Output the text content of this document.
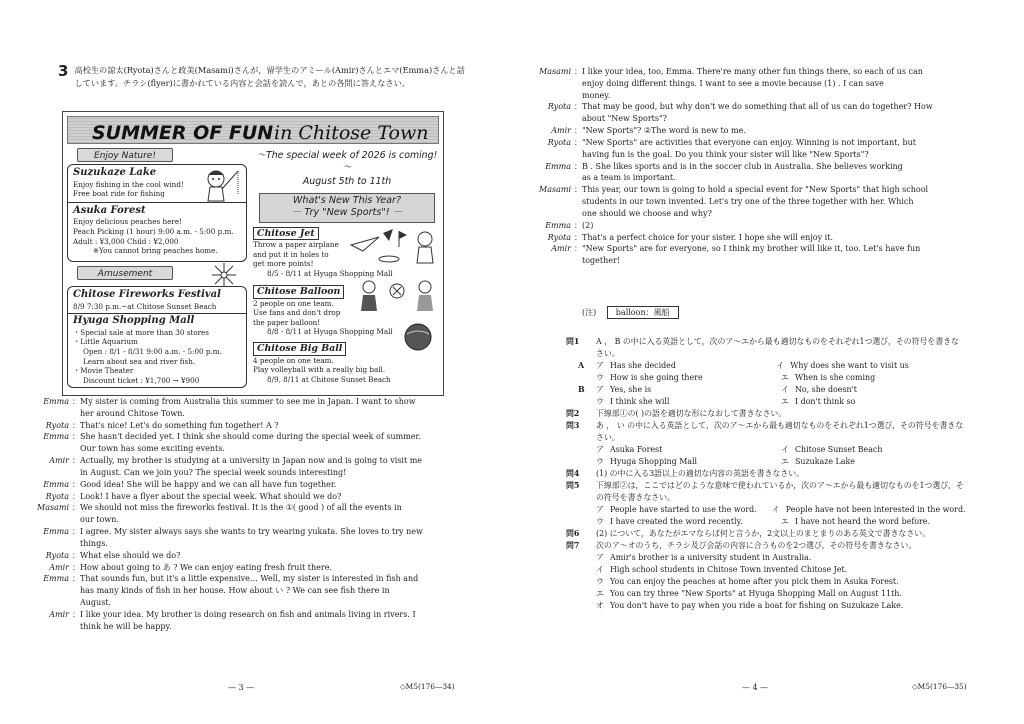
3 高校生の諒太(Ryota)さんと政美(Masami)さんが，留学生のアミール(Amir)さんとエマ(Emma)さんと話しています。チラシ(flyer)に書かれている内容と会話を読んで，あとの各問に答えなさい。
SUMMER OF FUN in Chitose Town
Enjoy Nature!
Suzukaze Lake
Enjoy fishing in the cool wind!
Free boat ride for fishing
Asuka Forest
Enjoy delicious peaches here!
Peach Picking (1 hour) 9:00 a.m. - 5:00 p.m.
Adult : ¥3,000 Child : ¥2,000
※You cannot bring peaches home.
Amusement
Chitose Fireworks Festival
8/9 7:30 p.m.~at Chitose Sunset Beach
Hyuga Shopping Mall
・Special sale at more than 30 stores
・Little Aquarium
Open : 8/1 - 8/31 9:00 a.m. - 5:00 p.m.
Learn about sea and river fish.
・Movie Theater
Discount ticket : ¥1,700 → ¥900
～The special week of 2026 is coming!～
August 5th to 11th
What's New This Year?
－ Try "New Sports"! －
Chitose Jet
Throw a paper airplane
and put it in holes to
get more points!
8/5 - 8/11 at Hyuga Shopping Mall
Chitose Balloon
2 people on one team.
Use fans and don't drop
the paper balloon!
8/8 - 8/11 at Hyuga Shopping Mall
Chitose Big Ball
4 people on one team.
Play volleyball with a really big ball.
8/9, 8/11 at Chitose Sunset Beach
Emma ： My sister is coming from Australia this summer to see me in Japan. I want to show
her around Chitose Town.
Ryota ： That's nice! Let's do something fun together! A ?
Emma ： She hasn't decided yet. I think she should come during the special week of summer.
Our town has some exciting events.
Amir ： Actually, my brother is studying at a university in Japan now and is going to visit me
in August. Can we join you? The special week sounds interesting!
Emma ： Good idea! She will be happy and we can all have fun together.
Ryota ： Look! I have a flyer about the special week. What should we do?
Masami ： We should not miss the fireworks festival. It is the ①( good ) of all the events in
our town.
Emma ： I agree. My sister always says she wants to try wearing yukata. She loves to try new
things.
Ryota ： What else should we do?
Amir ： How about going to あ ? We can enjoy eating fresh fruit there.
Emma ： That sounds fun, but it's a little expensive… Well, my sister is interested in fish and
has many kinds of fish in her house. How about い ? We can see fish there in
August.
Amir ： I like your idea. My brother is doing research on fish and animals living in rivers. I
think he will be happy.
— 3 —	◇M5(176—34)
Masami ： I like your idea, too, Emma. There're many other fun things there, so each of us can
enjoy doing different things. I want to see a movie because (1) . I can save
money.
Ryota ： That may be good, but why don't we do something that all of us can do together? How
about "New Sports"?
Amir ： "New Sports"? ②The word is new to me.
Ryota ： "New Sports" are activities that everyone can enjoy. Winning is not important, but
having fun is the goal. Do you think your sister will like "New Sports"?
Emma ： B . She likes sports and is in the soccer club in Australia. She believes working
as a team is important.
Masami ： This year, our town is going to hold a special event for "New Sports" that high school
students in our town invented. Let's try one of the three together with her. Which
one should we choose and why?
Emma ： (2)
Ryota ： That's a perfect choice for your sister. I hope she will enjoy it.
Amir ： "New Sports" are for everyone, so I think my brother will like it, too. Let's have fun
together!
(注) balloon：風船
問1	A ， B の中に入る英語として，次のア～エから最も適切なものをそれぞれ1つ選び，その符号を書きなさい。
A ア Has she decided	イ Why does she want to visit us
ウ How is she going there	エ When is she coming
B ア Yes, she is	イ No, she doesn't
ウ I think she will	エ I don't think so
問2	下線部①の( )の語を適切な形になおして書きなさい。
問3	あ ， い の中に入る英語として，次のア～エから最も適切なものをそれぞれ1つ選び，その符号を書きなさい。
ア Asuka Forest	イ Chitose Sunset Beach
ウ Hyuga Shopping Mall	エ Suzukaze Lake
問4	(1) の中に入る3語以上の適切な内容の英語を書きなさい。
問5	下線部②は，ここではどのような意味で使われているか，次のア～エから最も適切なものを1つ選び，その符号を書きなさい。
ア People have started to use the word. イ People have not been interested in the word.
ウ I have created the word recently.	エ I have not heard the word before.
問6	(2) について，あなたがエマならば何と言うか，2文以上のまとまりのある英文で書きなさい。
問7	次のア～オのうち，チラシ及び会話の内容に合うものを2つ選び，その符号を書きなさい。
ア Amir's brother is a university student in Australia.
イ High school students in Chitose Town invented Chitose Jet.
ウ You can enjoy the peaches at home after you pick them in Asuka Forest.
エ You can try three "New Sports" at Hyuga Shopping Mall on August 11th.
オ You don't have to pay when you ride a boat for fishing on Suzukaze Lake.
— 4 —	◇M5(176—35)
